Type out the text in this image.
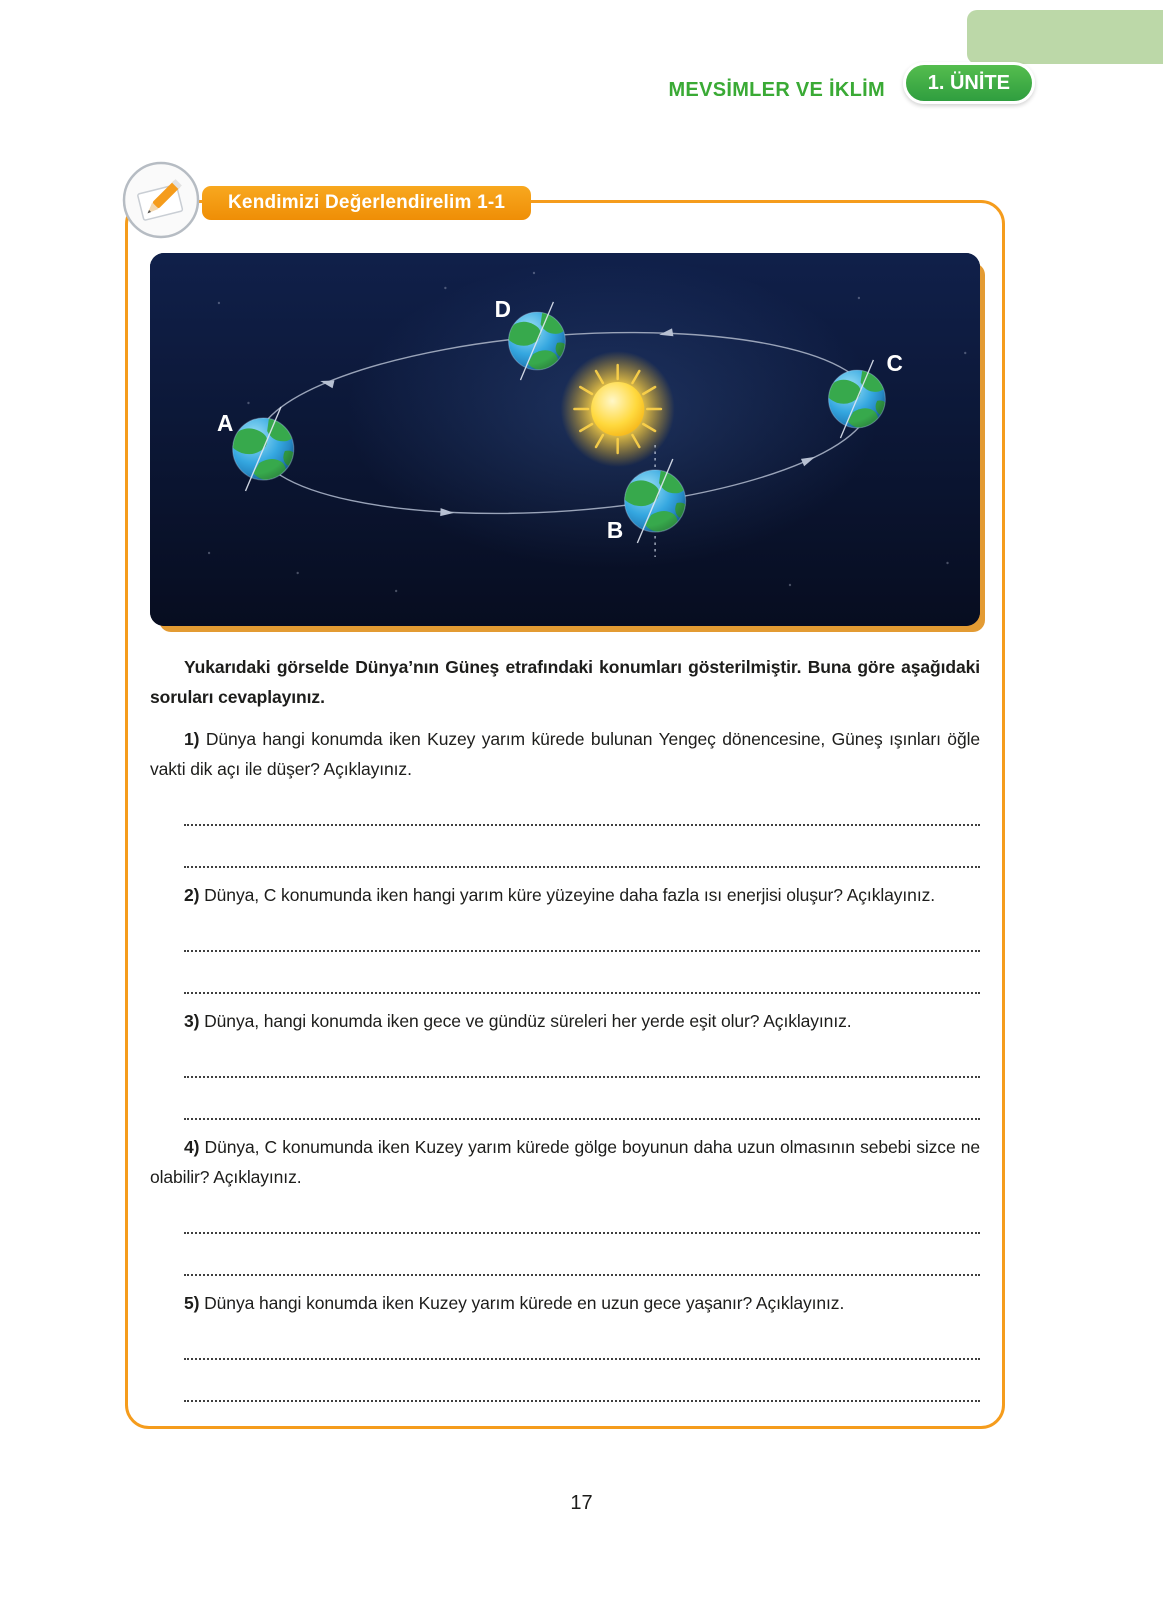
MEVSİMLER VE İKLİM	1. ÜNİTE
Kendimizi Değerlendirelim 1-1
A
D
C
B

Yukarıdaki görselde Dünya’nın Güneş etrafındaki konumları gösterilmiştir. Buna göre aşağıdaki soruları cevaplayınız.

1) Dünya hangi konumda iken Kuzey yarım kürede bulunan Yengeç dönencesine, Güneş ışınları öğle vakti dik açı ile düşer? Açıklayınız.

2) Dünya, C konumunda iken hangi yarım küre yüzeyine daha fazla ısı enerjisi oluşur? Açıklayınız.

3) Dünya, hangi konumda iken gece ve gündüz süreleri her yerde eşit olur? Açıklayınız.

4) Dünya, C konumunda iken Kuzey yarım kürede gölge boyunun daha uzun olmasının sebebi sizce ne olabilir? Açıklayınız.

5) Dünya hangi konumda iken Kuzey yarım kürede en uzun gece yaşanır? Açıklayınız.

17
